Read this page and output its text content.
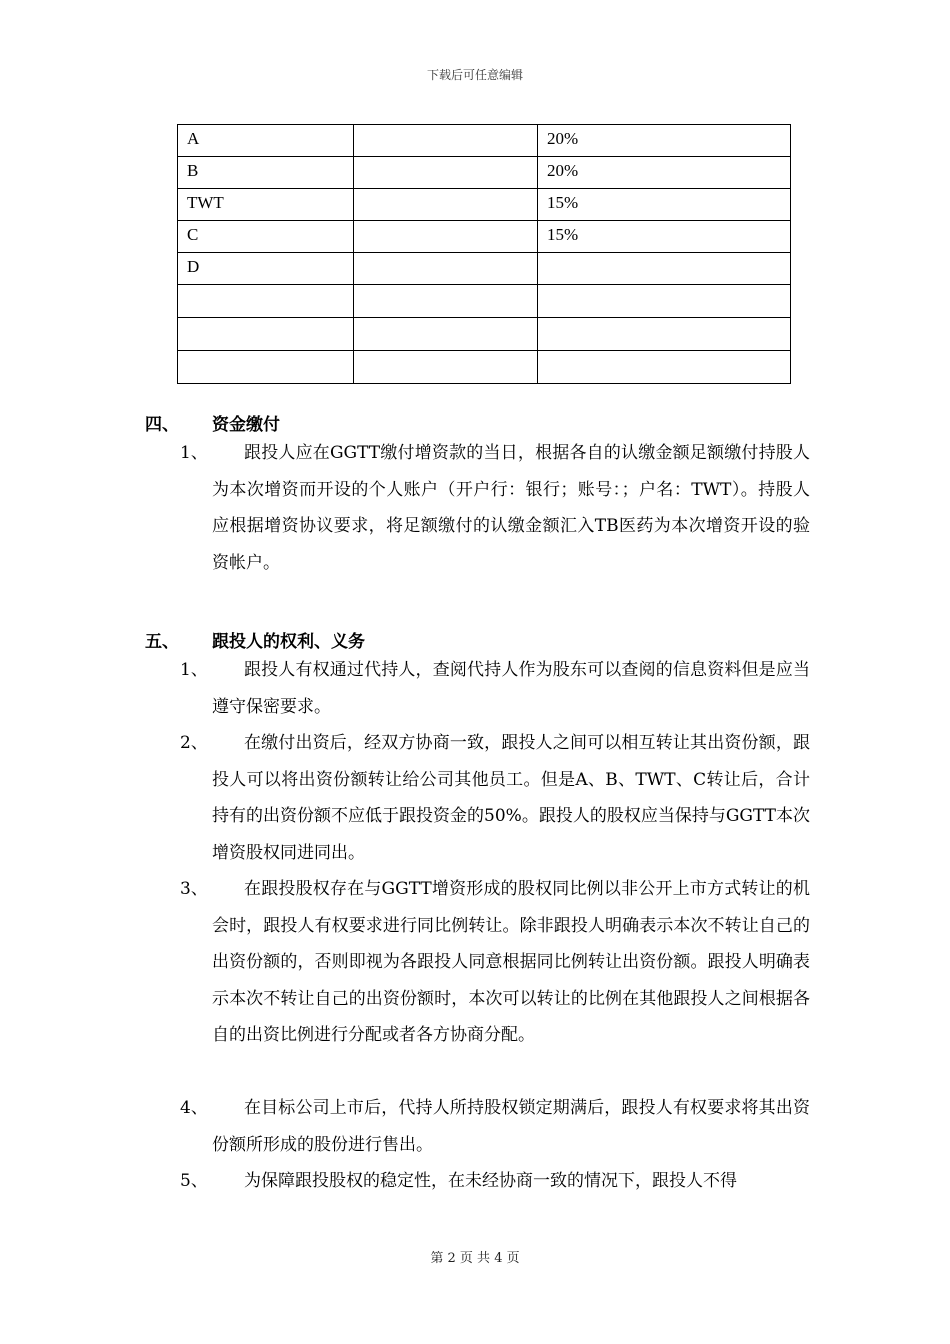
下载后可任意编辑
A		20%
B		20%
TWT		15%
C		15%
D		

四、 资金缴付
1、	跟投人应在GGTT缴付增资款的当日，根据各自的认缴金额足额缴付持股人为本次增资而开设的个人账户（开户行：银行；账号：；户名：TWT）。持股人应根据增资协议要求，将足额缴付的认缴金额汇入TB医药为本次增资开设的验资帐户。
五、 跟投人的权利、义务
1、	跟投人有权通过代持人，查阅代持人作为股东可以查阅的信息资料但是应当遵守保密要求。
2、	在缴付出资后，经双方协商一致，跟投人之间可以相互转让其出资份额，跟投人可以将出资份额转让给公司其他员工。但是A、B、TWT、C转让后，合计持有的出资份额不应低于跟投资金的50%。跟投人的股权应当保持与GGTT本次增资股权同进同出。
3、	在跟投股权存在与GGTT增资形成的股权同比例以非公开上市方式转让的机会时，跟投人有权要求进行同比例转让。除非跟投人明确表示本次不转让自己的出资份额的，否则即视为各跟投人同意根据同比例转让出资份额。跟投人明确表示本次不转让自己的出资份额时，本次可以转让的比例在其他跟投人之间根据各自的出资比例进行分配或者各方协商分配。
4、	在目标公司上市后，代持人所持股权锁定期满后，跟投人有权要求将其出资份额所形成的股份进行售出。
5、	为保障跟投股权的稳定性，在未经协商一致的情况下，跟投人不得
第 2 页 共 4 页
